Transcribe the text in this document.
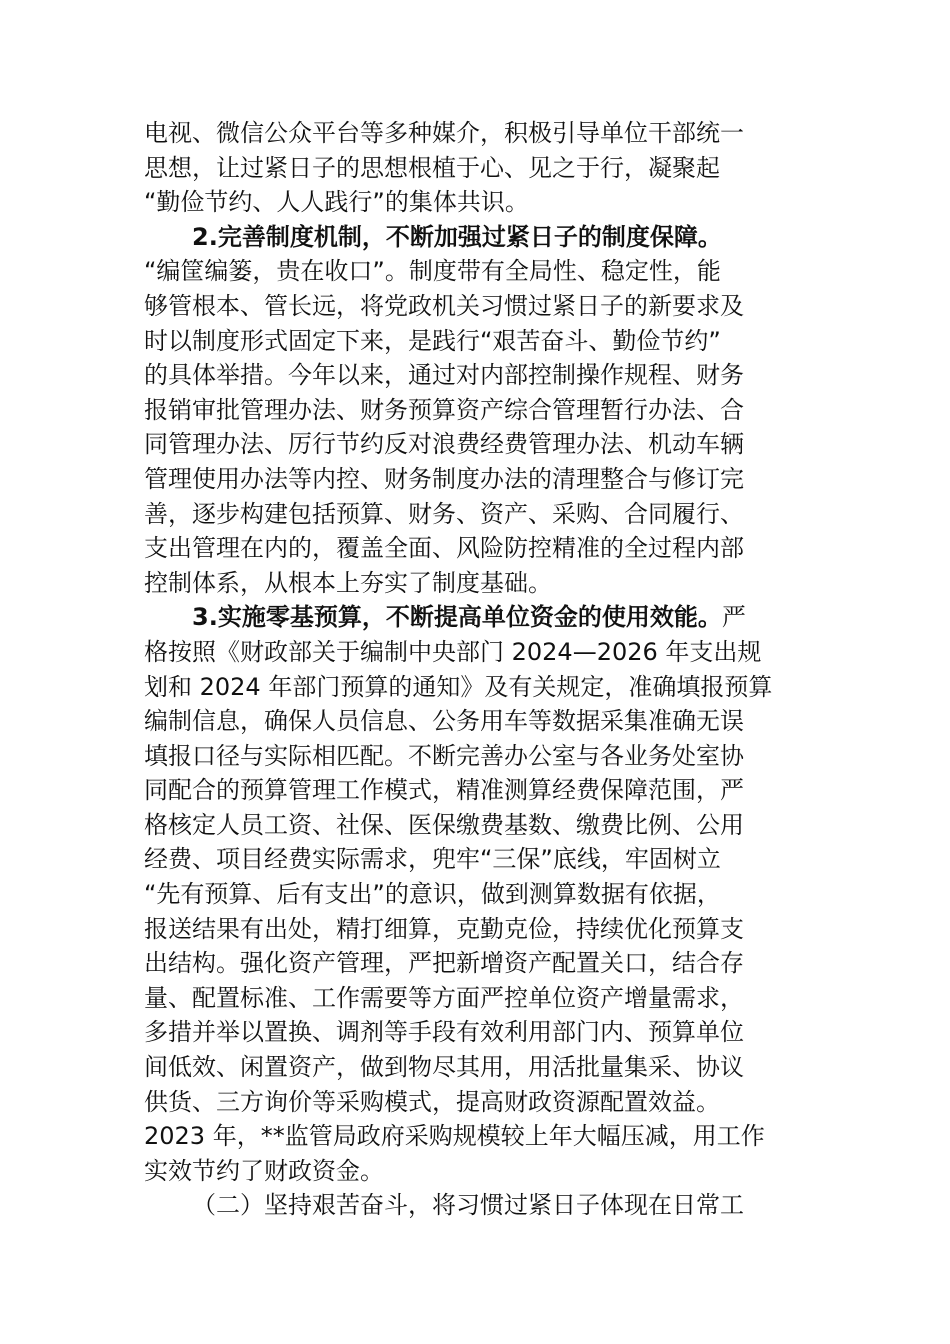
电视、微信公众平台等多种媒介，积极引导单位干部统一
思想，让过紧日子的思想根植于心、见之于行，凝聚起
“勤俭节约、人人践行”的集体共识。
2.完善制度机制，不断加强过紧日子的制度保障。
“编筐编篓，贵在收口”。制度带有全局性、稳定性，能
够管根本、管长远，将党政机关习惯过紧日子的新要求及
时以制度形式固定下来，是践行“艰苦奋斗、勤俭节约”
的具体举措。今年以来，通过对内部控制操作规程、财务
报销审批管理办法、财务预算资产综合管理暂行办法、合
同管理办法、厉行节约反对浪费经费管理办法、机动车辆
管理使用办法等内控、财务制度办法的清理整合与修订完
善，逐步构建包括预算、财务、资产、采购、合同履行、
支出管理在内的，覆盖全面、风险防控精准的全过程内部
控制体系，从根本上夯实了制度基础。
3.实施零基预算，不断提高单位资金的使用效能。严
格按照《财政部关于编制中央部门 2024—2026 年支出规
划和 2024 年部门预算的通知》及有关规定，准确填报预算
编制信息，确保人员信息、公务用车等数据采集准确无误
填报口径与实际相匹配。不断完善办公室与各业务处室协
同配合的预算管理工作模式，精准测算经费保障范围，严
格核定人员工资、社保、医保缴费基数、缴费比例、公用
经费、项目经费实际需求，兜牢“三保”底线，牢固树立
“先有预算、后有支出”的意识，做到测算数据有依据，
报送结果有出处，精打细算，克勤克俭，持续优化预算支
出结构。强化资产管理，严把新增资产配置关口，结合存
量、配置标准、工作需要等方面严控单位资产增量需求，
多措并举以置换、调剂等手段有效利用部门内、预算单位
间低效、闲置资产，做到物尽其用，用活批量集采、协议
供货、三方询价等采购模式，提高财政资源配置效益。
2023 年，**监管局政府采购规模较上年大幅压减，用工作
实效节约了财政资金。
（二）坚持艰苦奋斗，将习惯过紧日子体现在日常工
